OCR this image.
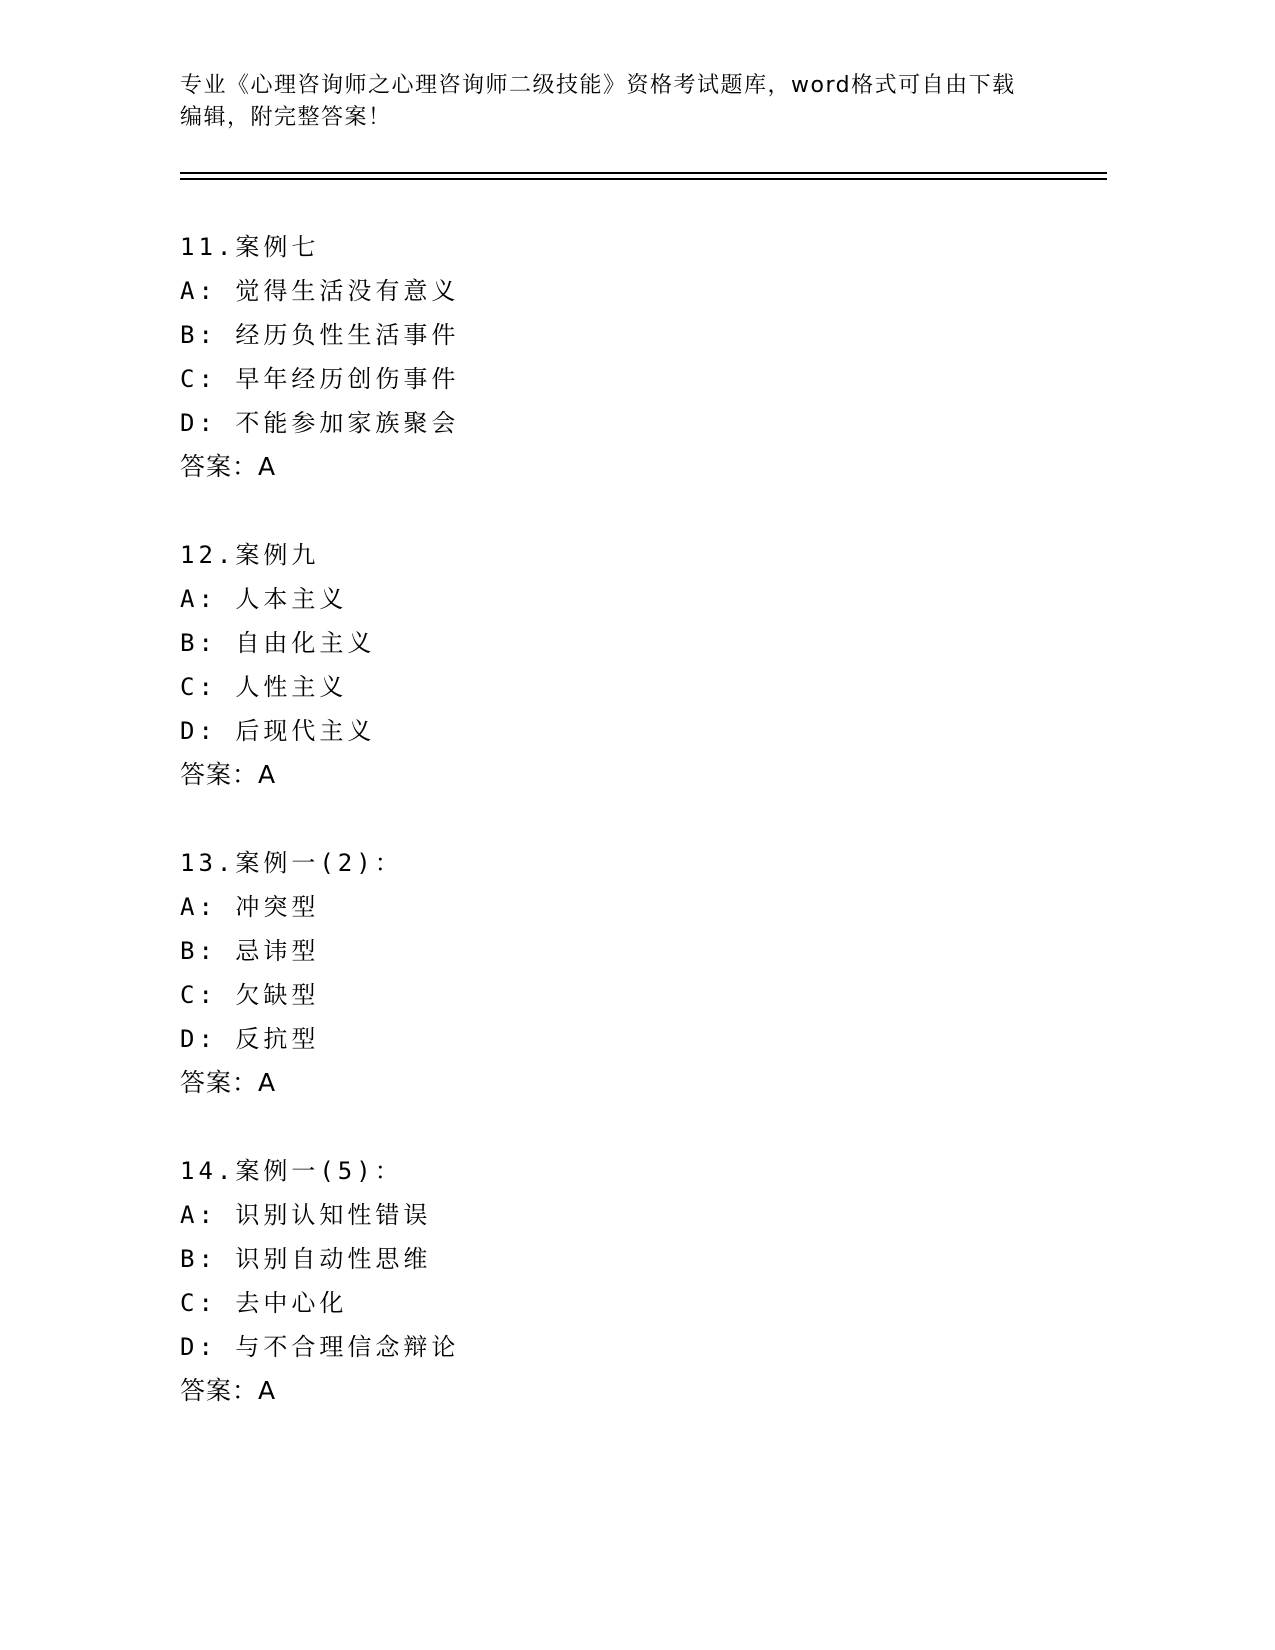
专业《心理咨询师之心理咨询师二级技能》资格考试题库，word格式可自由下载
编辑，附完整答案！
11.案例七
A: 觉得生活没有意义
B: 经历负性生活事件
C: 早年经历创伤事件
D: 不能参加家族聚会
答案：A
12.案例九
A: 人本主义
B: 自由化主义
C: 人性主义
D: 后现代主义
答案：A
13.案例一(2)：
A: 冲突型
B: 忌讳型
C: 欠缺型
D: 反抗型
答案：A
14.案例一(5)：
A: 识别认知性错误
B: 识别自动性思维
C: 去中心化
D: 与不合理信念辩论
答案：A
